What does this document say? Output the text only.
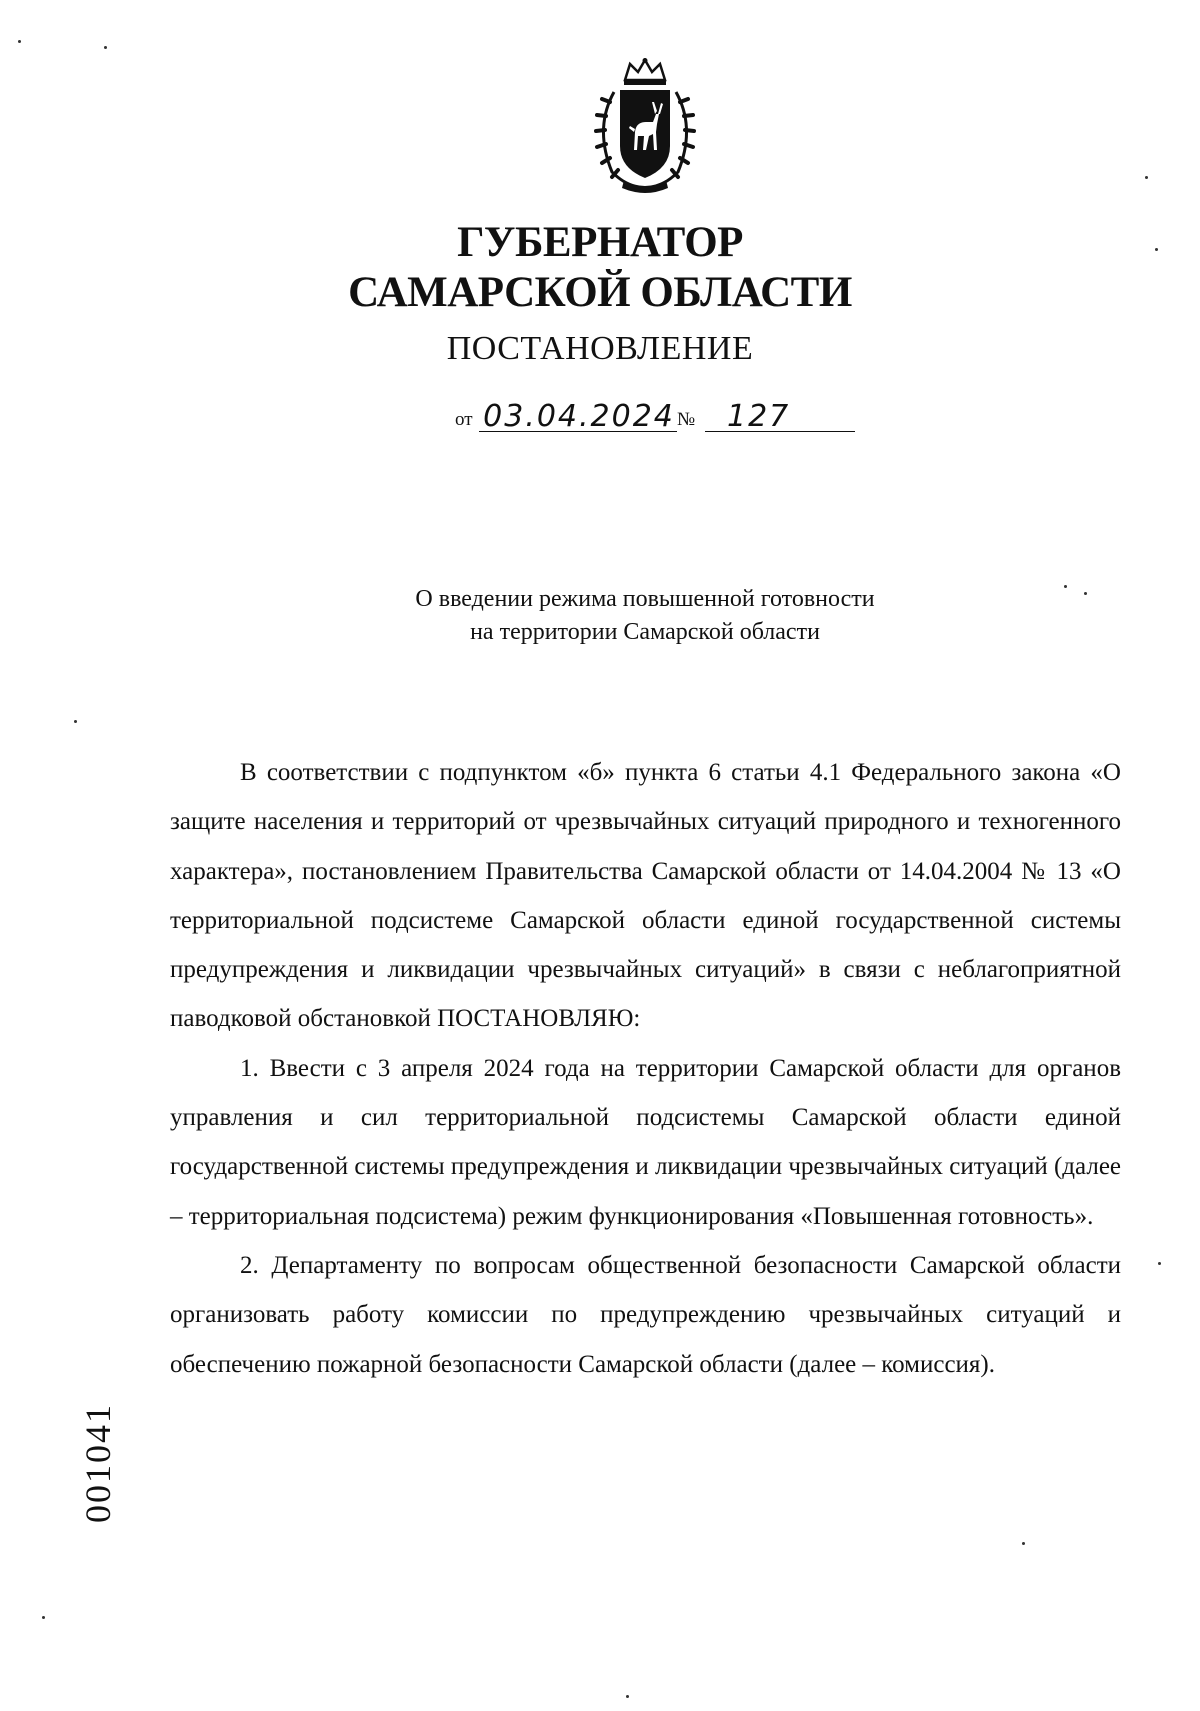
ГУБЕРНАТОР
САМАРСКОЙ ОБЛАСТИ
ПОСТАНОВЛЕНИЕ
от 03.04.2024 №	127
О введении режима повышенной готовности
на территории Самарской области

В соответствии с подпунктом «б» пункта 6 статьи 4.1 Федерального закона «О защите населения и территорий от чрезвычайных ситуаций природного и техногенного характера», постановлением Правительства Самарской области от 14.04.2004 № 13 «О территориальной подсистеме Самарской области единой государственной системы предупреждения и ликвидации чрезвычайных ситуаций» в связи с неблагоприятной паводковой обстановкой ПОСТАНОВЛЯЮ:

1. Ввести с 3 апреля 2024 года на территории Самарской области для органов управления и сил территориальной подсистемы Самарской области единой государственной системы предупреждения и ликвидации чрезвычайных ситуаций (далее – территориальная подсистема) режим функционирования «Повышенная готовность».

2. Департаменту по вопросам общественной безопасности Самарской области организовать работу комиссии по предупреждению чрезвычайных ситуаций и обеспечению пожарной безопасности Самарской области (далее – комиссия).

001041
